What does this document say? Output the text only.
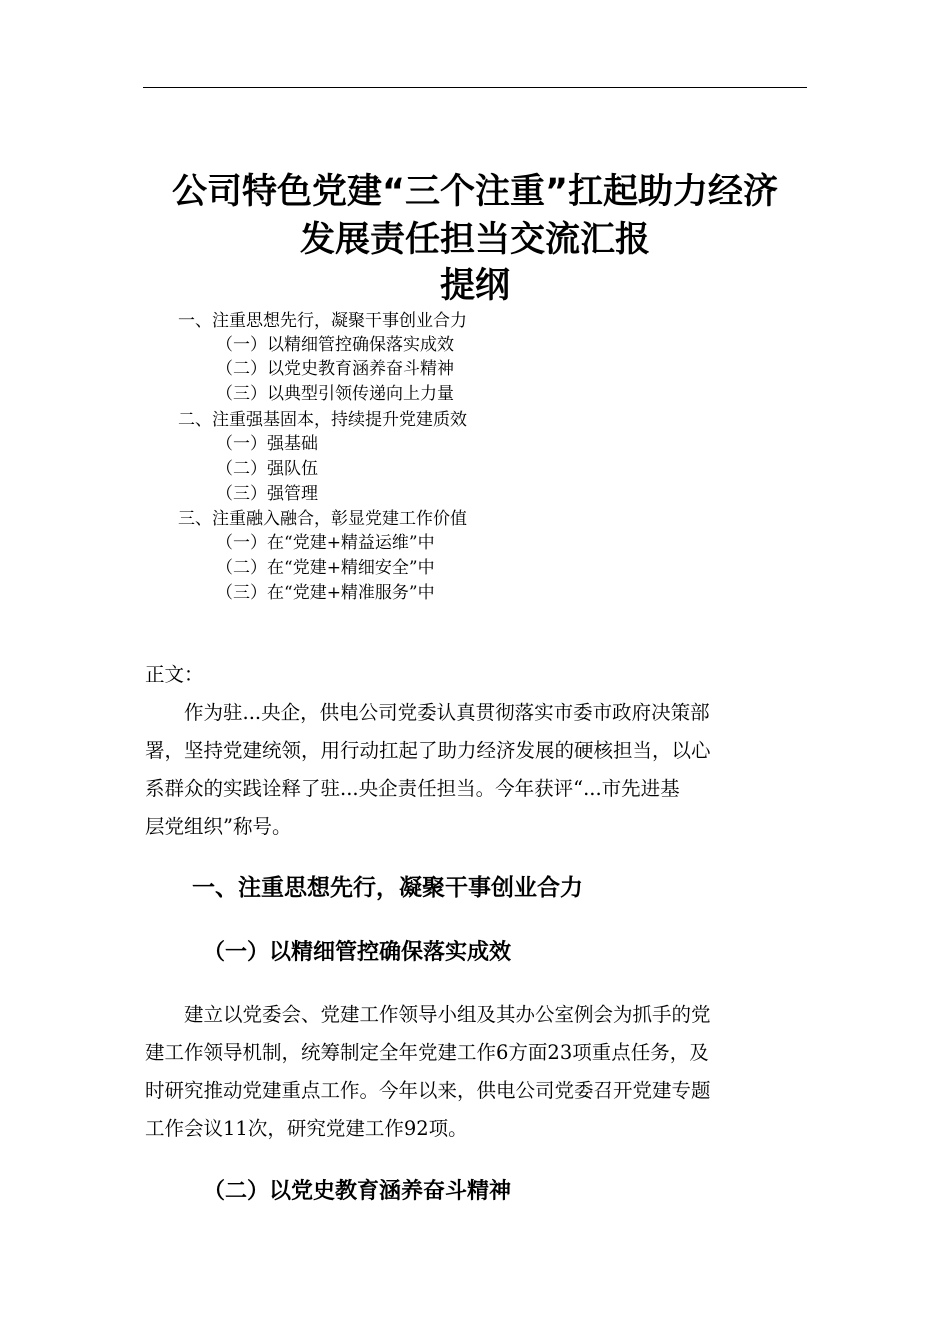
公司特色党建“三个注重”扛起助力经济
发展责任担当交流汇报
提纲
一、注重思想先行，凝聚干事创业合力
（一）以精细管控确保落实成效
（二）以党史教育涵养奋斗精神
（三）以典型引领传递向上力量
二、注重强基固本，持续提升党建质效
（一）强基础
（二）强队伍
（三）强管理
三、注重融入融合，彰显党建工作价值
（一）在“党建+精益运维”中
（二）在“党建+精细安全”中
（三）在“党建+精准服务”中
正文：
　　作为驻...央企，供电公司党委认真贯彻落实市委市政府决策部
署，坚持党建统领，用行动扛起了助力经济发展的硬核担当，以心
系群众的实践诠释了驻...央企责任担当。今年获评“...市先进基
层党组织”称号。
一、注重思想先行，凝聚干事创业合力
（一）以精细管控确保落实成效
　　建立以党委会、党建工作领导小组及其办公室例会为抓手的党
建工作领导机制，统筹制定全年党建工作6方面23项重点任务，及
时研究推动党建重点工作。今年以来，供电公司党委召开党建专题
工作会议11次，研究党建工作92项。
（二）以党史教育涵养奋斗精神
